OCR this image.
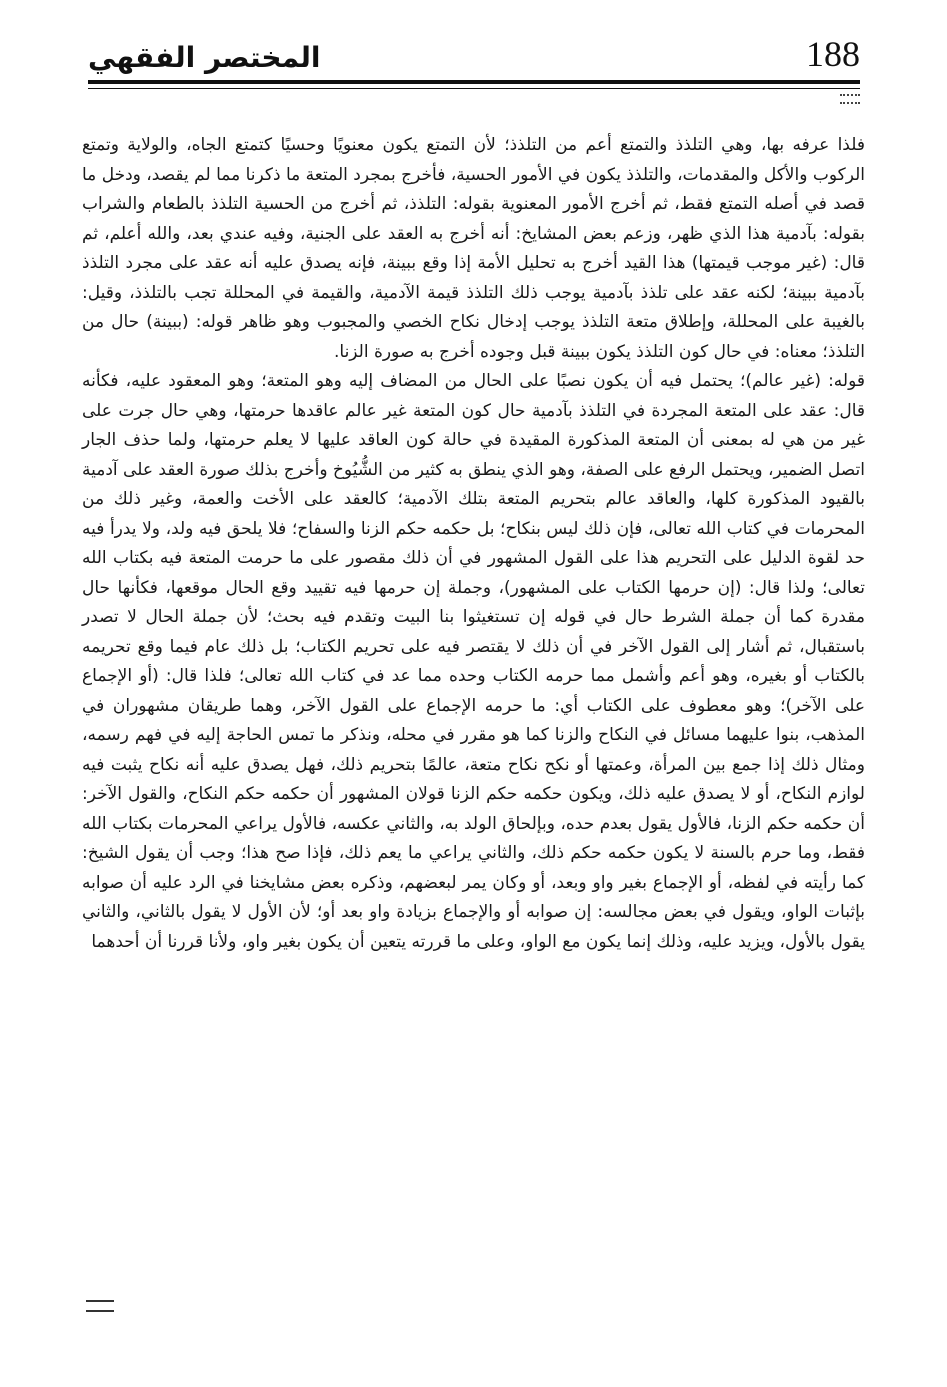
188
المختصر الفقهي

فلذا عرفه بها، وهي التلذذ والتمتع أعم من التلذذ؛ لأن التمتع يكون معنويًا وحسيًا كتمتع الجاه، والولاية وتمتع الركوب والأكل والمقدمات، والتلذذ يكون في الأمور الحسية، فأخرج بمجرد المتعة ما ذكرنا مما لم يقصد، ودخل ما قصد في أصله التمتع فقط، ثم أخرج الأمور المعنوية بقوله: التلذذ، ثم أخرج من الحسية التلذذ بالطعام والشراب بقوله: بآدمية هذا الذي ظهر، وزعم بعض المشايخ: أنه أخرج به العقد على الجنية، وفيه عندي بعد، والله أعلم، ثم قال: (غير موجب قيمتها) هذا القيد أخرج به تحليل الأمة إذا وقع ببينة، فإنه يصدق عليه أنه عقد على مجرد التلذذ بآدمية ببينة؛ لكنه عقد على تلذذ بآدمية يوجب ذلك التلذذ قيمة الآدمية، والقيمة في المحللة تجب بالتلذذ، وقيل: بالغيبة على المحللة، وإطلاق متعة التلذذ يوجب إدخال نكاح الخصي والمجبوب وهو ظاهر قوله: (ببينة) حال من التلذذ؛ معناه: في حال كون التلذذ يكون ببينة قبل وجوده أخرج به صورة الزنا.

قوله: (غير عالم)؛ يحتمل فيه أن يكون نصبًا على الحال من المضاف إليه وهو المتعة؛ وهو المعقود عليه، فكأنه قال: عقد على المتعة المجردة في التلذذ بآدمية حال كون المتعة غير عالم عاقدها حرمتها، وهي حال جرت على غير من هي له بمعنى أن المتعة المذكورة المقيدة في حالة كون العاقد عليها لا يعلم حرمتها، ولما حذف الجار اتصل الضمير، ويحتمل الرفع على الصفة، وهو الذي ينطق به كثير من الشُّيُوخ وأخرج بذلك صورة العقد على آدمية بالقيود المذكورة كلها، والعاقد عالم بتحريم المتعة بتلك الآدمية؛ كالعقد على الأخت والعمة، وغير ذلك من المحرمات في كتاب الله تعالى، فإن ذلك ليس بنكاح؛ بل حكمه حكم الزنا والسفاح؛ فلا يلحق فيه ولد، ولا يدرأ فيه حد لقوة الدليل على التحريم هذا على القول المشهور في أن ذلك مقصور على ما حرمت المتعة فيه بكتاب الله تعالى؛ ولذا قال: (إن حرمها الكتاب على المشهور)، وجملة إن حرمها فيه تقييد وقع الحال موقعها، فكأنها حال مقدرة كما أن جملة الشرط حال في قوله إن تستغيثوا بنا البيت وتقدم فيه بحث؛ لأن جملة الحال لا تصدر باستقبال، ثم أشار إلى القول الآخر في أن ذلك لا يقتصر فيه على تحريم الكتاب؛ بل ذلك عام فيما وقع تحريمه بالكتاب أو بغيره، وهو أعم وأشمل مما حرمه الكتاب وحده مما عد في كتاب الله تعالى؛ فلذا قال: (أو الإجماع على الآخر)؛ وهو معطوف على الكتاب أي: ما حرمه الإجماع على القول الآخر، وهما طريقان مشهوران في المذهب، بنوا عليهما مسائل في النكاح والزنا كما هو مقرر في محله، ونذكر ما تمس الحاجة إليه في فهم رسمه، ومثال ذلك إذا جمع بين المرأة، وعمتها أو نكح نكاح متعة، عالمًا بتحريم ذلك، فهل يصدق عليه أنه نكاح يثبت فيه لوازم النكاح، أو لا يصدق عليه ذلك، ويكون حكمه حكم الزنا قولان المشهور أن حكمه حكم النكاح، والقول الآخر: أن حكمه حكم الزنا، فالأول يقول بعدم حده، وبإلحاق الولد به، والثاني عكسه، فالأول يراعي المحرمات بكتاب الله فقط، وما حرم بالسنة لا يكون حكمه حكم ذلك، والثاني يراعي ما يعم ذلك، فإذا صح هذا؛ وجب أن يقول الشيخ: كما رأيته في لفظه، أو الإجماع بغير واو وبعد، أو وكان يمر لبعضهم، وذكره بعض مشايخنا في الرد عليه أن صوابه بإثبات الواو، ويقول في بعض مجالسه: إن صوابه أو والإجماع بزيادة واو بعد أو؛ لأن الأول لا يقول بالثاني، والثاني يقول بالأول، ويزيد عليه، وذلك إنما يكون مع الواو، وعلى ما قررته يتعين أن يكون بغير واو، ولأنا قررنا أن أحدهما
